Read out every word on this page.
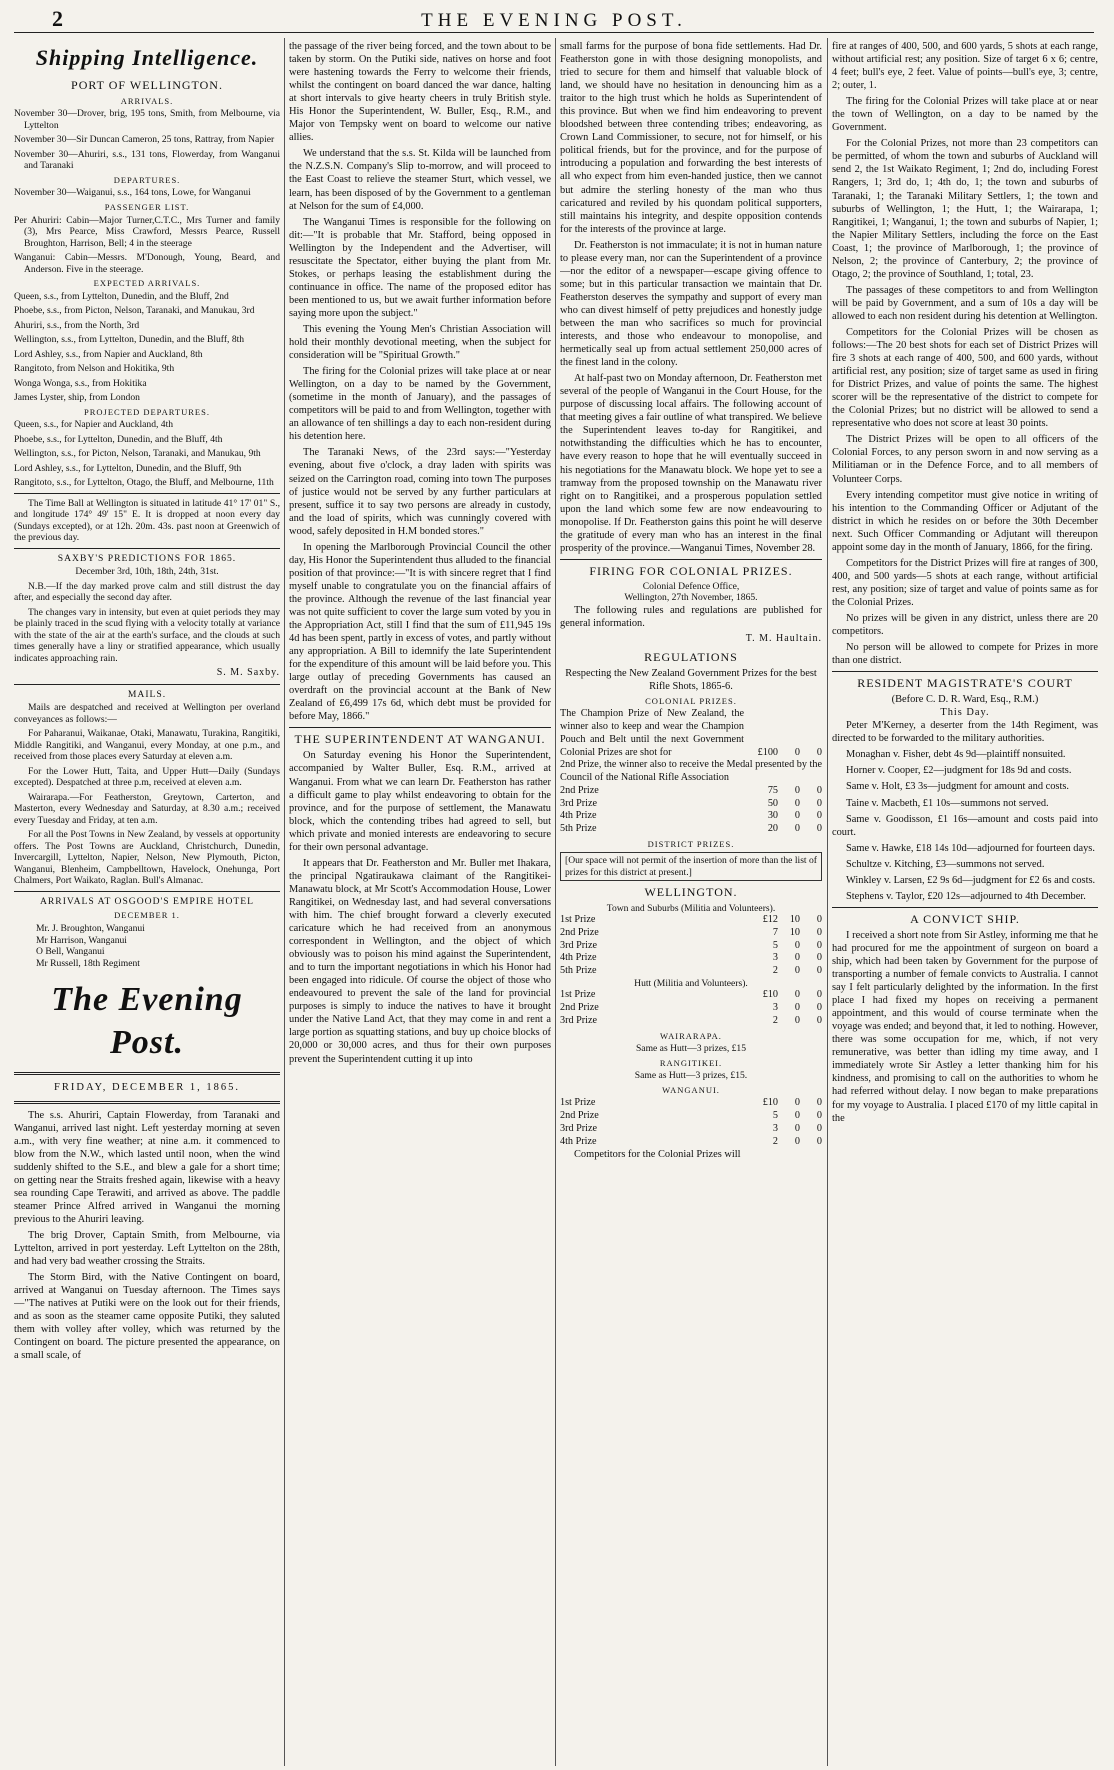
2	THE EVENING POST.
Shipping Intelligence.
PORT OF WELLINGTON.
ARRIVALS.

November 30—Drover, brig, 195 tons, Smith, from Melbourne, via Lyttelton

November 30—Sir Duncan Cameron, 25 tons, Rattray, from Napier

November 30—Ahuriri, s.s., 131 tons, Flowerday, from Wanganui and Taranaki

DEPARTURES.

November 30—Waiganui, s.s., 164 tons, Lowe, for Wanganui

PASSENGER LIST.

Per Ahuriri: Cabin—Major Turner,C.T.C., Mrs Turner and family (3), Mrs Pearce, Miss Crawford, Messrs Pearce, Russell Broughton, Harrison, Bell; 4 in the steerage

Wanganui: Cabin—Messrs. M'Donough, Young, Beard, and Anderson. Five in the steerage.

EXPECTED ARRIVALS.

Queen, s.s., from Lyttelton, Dunedin, and the Bluff, 2nd

Phoebe, s.s., from Picton, Nelson, Taranaki, and Manukau, 3rd

Ahuriri, s.s., from the North, 3rd

Wellington, s.s., from Lyttelton, Dunedin, and the Bluff, 8th

Lord Ashley, s.s., from Napier and Auckland, 8th

Rangitoto, from Nelson and Hokitika, 9th

Wonga Wonga, s.s., from Hokitika

James Lyster, ship, from London

PROJECTED DEPARTURES.

Queen, s.s., for Napier and Auckland, 4th

Phoebe, s.s., for Lyttelton, Dunedin, and the Bluff, 4th

Wellington, s.s., for Picton, Nelson, Taranaki, and Manukau, 9th

Lord Ashley, s.s., for Lyttelton, Dunedin, and the Bluff, 9th

Rangitoto, s.s., for Lyttelton, Otago, the Bluff, and Melbourne, 11th

The Time Ball at Wellington is situated in latitude 41° 17' 01" S., and longitude 174° 49' 15" E. It is dropped at noon every day (Sundays excepted), or at 12h. 20m. 43s. past noon at Greenwich of the previous day.

SAXBY'S PREDICTIONS FOR 1865.

December 3rd, 10th, 18th, 24th, 31st.

N.B.—If the day marked prove calm and still distrust the day after, and especially the second day after.

The changes vary in intensity, but even at quiet periods they may be plainly traced in the scud flying with a velocity totally at variance with the state of the air at the earth's surface, and the clouds at such times generally have a liny or stratified appearance, which usually indicates approaching rain.

S. M. Saxby.
MAILS.

Mails are despatched and received at Wellington per overland conveyances as follows:—

For Paharanui, Waikanae, Otaki, Manawatu, Turakina, Rangitiki, Middle Rangitiki, and Wanganui, every Monday, at one p.m., and received from those places every Saturday at eleven a.m.

For the Lower Hutt, Taita, and Upper Hutt—Daily (Sundays excepted). Despatched at three p.m, received at eleven a.m.

Wairarapa.—For Featherston, Greytown, Carterton, and Masterton, every Wednesday and Saturday, at 8.30 a.m.; received every Tuesday and Friday, at ten a.m.

For all the Post Towns in New Zealand, by vessels at opportunity offers. The Post Towns are Auckland, Christchurch, Dunedin, Invercargill, Lyttelton, Napier, Nelson, New Plymouth, Picton, Wanganui, Blenheim, Campbelltown, Havelock, Onehunga, Port Chalmers, Port Waikato, Raglan. Bull's Almanac.

ARRIVALS AT OSGOOD'S EMPIRE HOTEL
DECEMBER 1.
Mr. J. Broughton, Wanganui
Mr Harrison, Wanganui
O Bell, Wanganui
Mr Russell, 18th Regiment
The Evening Post.
FRIDAY, DECEMBER 1, 1865.

The s.s. Ahuriri, Captain Flowerday, from Taranaki and Wanganui, arrived last night. Left yesterday morning at seven a.m., with very fine weather; at nine a.m. it commenced to blow from the N.W., which lasted until noon, when the wind suddenly shifted to the S.E., and blew a gale for a short time; on getting near the Straits freshed again, likewise with a heavy sea rounding Cape Terawiti, and arrived as above. The paddle steamer Prince Alfred arrived in Wanganui the morning previous to the Ahuriri leaving.

The brig Drover, Captain Smith, from Melbourne, via Lyttelton, arrived in port yesterday. Left Lyttelton on the 28th, and had very bad weather crossing the Straits.

The Storm Bird, with the Native Contingent on board, arrived at Wanganui on Tuesday afternoon. The Times says—"The natives at Putiki were on the look out for their friends, and as soon as the steamer came opposite Putiki, they saluted them with volley after volley, which was returned by the Contingent on board. The picture presented the appearance, on a small scale, of

the passage of the river being forced, and the town about to be taken by storm. On the Putiki side, natives on horse and foot were hastening towards the Ferry to welcome their friends, whilst the contingent on board danced the war dance, halting at short intervals to give hearty cheers in truly British style. His Honor the Superintendent, W. Buller, Esq., R.M., and Major von Tempsky went on board to welcome our native allies.

We understand that the s.s. St. Kilda will be launched from the N.Z.S.N. Company's Slip to-morrow, and will proceed to the East Coast to relieve the steamer Sturt, which vessel, we learn, has been disposed of by the Government to a gentleman at Nelson for the sum of £4,000.

The Wanganui Times is responsible for the following on dit:—"It is probable that Mr. Stafford, being opposed in Wellington by the Independent and the Advertiser, will resuscitate the Spectator, either buying the plant from Mr. Stokes, or perhaps leasing the establishment during the continuance in office. The name of the proposed editor has been mentioned to us, but we await further information before saying more upon the subject."

This evening the Young Men's Christian Association will hold their monthly devotional meeting, when the subject for consideration will be "Spiritual Growth."

The firing for the Colonial prizes will take place at or near Wellington, on a day to be named by the Government, (sometime in the month of January), and the passages of competitors will be paid to and from Wellington, together with an allowance of ten shillings a day to each non-resident during his detention here.

The Taranaki News, of the 23rd says:—"Yesterday evening, about five o'clock, a dray laden with spirits was seized on the Carrington road, coming into town The purposes of justice would not be served by any further particulars at present, suffice it to say two persons are already in custody, and the load of spirits, which was cunningly covered with wood, safely deposited in H.M bonded stores."

In opening the Marlborough Provincial Council the other day, His Honor the Superintendent thus alluded to the financial position of that province:—"It is with sincere regret that I find myself unable to congratulate you on the financial affairs of the province. Although the revenue of the last financial year was not quite sufficient to cover the large sum voted by you in the Appropriation Act, still I find that the sum of £11,945 19s 4d has been spent, partly in excess of votes, and partly without any appropriation. A Bill to idemnify the late Superintendent for the expenditure of this amount will be laid before you. This large outlay of preceding Governments has caused an overdraft on the provincial account at the Bank of New Zealand of £6,499 17s 6d, which debt must be provided for before May, 1866."

THE SUPERINTENDENT AT WANGANUI.

On Saturday evening his Honor the Superintendent, accompanied by Walter Buller, Esq. R.M., arrived at Wanganui. From what we can learn Dr. Featherston has rather a difficult game to play whilst endeavoring to obtain for the province, and for the purpose of settlement, the Manawatu block, which the contending tribes had agreed to sell, but which private and monied interests are endeavoring to secure for their own personal advantage.

It appears that Dr. Featherston and Mr. Buller met Ihakara, the principal Ngatiraukawa claimant of the Rangitikei-Manawatu block, at Mr Scott's Accommodation House, Lower Rangitikei, on Wednesday last, and had several conversations with him. The chief brought forward a cleverly executed caricature which he had received from an anonymous correspondent in Wellington, and the object of which obviously was to poison his mind against the Superintendent, and to turn the important negotiations in which his Honor had been engaged into ridicule. Of course the object of those who endeavoured to prevent the sale of the land for provincial purposes is simply to induce the natives to have it brought under the Native Land Act, that they may come in and rent a large portion as squatting stations, and buy up choice blocks of 20,000 or 30,000 acres, and thus for their own purposes prevent the Superintendent cutting it up into

small farms for the purpose of bona fide settlements. Had Dr. Featherston gone in with those designing monopolists, and tried to secure for them and himself that valuable block of land, we should have no hesitation in denouncing him as a traitor to the high trust which he holds as Superintendent of this province. But when we find him endeavoring to prevent bloodshed between three contending tribes; endeavoring, as Crown Land Commissioner, to secure, not for himself, or his political friends, but for the province, and for the purpose of introducing a population and forwarding the best interests of all who expect from him even-handed justice, then we cannot but admire the sterling honesty of the man who thus caricatured and reviled by his quondam political supporters, still maintains his integrity, and despite opposition contends for the interests of the province at large.

Dr. Featherston is not immaculate; it is not in human nature to please every man, nor can the Superintendent of a province—nor the editor of a newspaper—escape giving offence to some; but in this particular transaction we maintain that Dr. Featherston deserves the sympathy and support of every man who can divest himself of petty prejudices and honestly judge between the man who sacrifices so much for provincial interests, and those who endeavour to monopolise, and hermetically seal up from actual settlement 250,000 acres of the finest land in the colony.

At half-past two on Monday afternoon, Dr. Featherston met several of the people of Wanganui in the Court House, for the purpose of discussing local affairs. The following account of that meeting gives a fair outline of what transpired. We believe the Superintendent leaves to-day for Rangitikei, and notwithstanding the difficulties which he has to encounter, have every reason to hope that he will eventually succeed in his negotiations for the Manawatu block. We hope yet to see a tramway from the proposed township on the Manawatu river right on to Rangitikei, and a prosperous population settled upon the land which some few are now endeavouring to monopolise. If Dr. Featherston gains this point he will deserve the gratitude of every man who has an interest in the final prosperity of the province.—Wanganui Times, November 28.

FIRING FOR COLONIAL PRIZES.
Colonial Defence Office,
Wellington, 27th November, 1865.

The following rules and regulations are published for general information.

T. M. Haultain.
REGULATIONS

Respecting the New Zealand Government Prizes for the best Rifle Shots, 1865-6.

COLONIAL PRIZES.
The Champion Prize of New Zealand, the winner also to keep and wear the Champion Pouch and Belt until the next Government Colonial Prizes are shot for	£100	0	0
2nd Prize, the winner also to receive the Medal presented by the Council of the National Rifle Association			
2nd Prize	75	0	0
3rd Prize	50	0	0
4th Prize	30	0	0
5th Prize	20	0	0
DISTRICT PRIZES.
[Our space will not permit of the insertion of more than the list of prizes for this district at present.]
WELLINGTON.
Town and Suburbs (Militia and Volunteers).
1st Prize	£12	10	0
2nd Prize	7	10	0
3rd Prize	5	0	0
4th Prize	3	0	0
5th Prize	2	0	0
Hutt (Militia and Volunteers).
1st Prize	£10	0	0
2nd Prize	3	0	0
3rd Prize	2	0	0
WAIRARAPA.
Same as Hutt—3 prizes, £15
RANGITIKEI.
Same as Hutt—3 prizes, £15.
WANGANUI.
1st Prize	£10	0	0
2nd Prize	5	0	0
3rd Prize	3	0	0
4th Prize	2	0	0

Competitors for the Colonial Prizes will

fire at ranges of 400, 500, and 600 yards, 5 shots at each range, without artificial rest; any position. Size of target 6 x 6; centre, 4 feet; bull's eye, 2 feet. Value of points—bull's eye, 3; centre, 2; outer, 1.

The firing for the Colonial Prizes will take place at or near the town of Wellington, on a day to be named by the Government.

For the Colonial Prizes, not more than 23 competitors can be permitted, of whom the town and suburbs of Auckland will send 2, the 1st Waikato Regiment, 1; 2nd do, including Forest Rangers, 1; 3rd do, 1; 4th do, 1; the town and suburbs of Taranaki, 1; the Taranaki Military Settlers, 1; the town and suburbs of Wellington, 1; the Hutt, 1; the Wairarapa, 1; Rangitikei, 1; Wanganui, 1; the town and suburbs of Napier, 1; the Napier Military Settlers, including the force on the East Coast, 1; the province of Marlborough, 1; the province of Nelson, 2; the province of Canterbury, 2; the province of Otago, 2; the province of Southland, 1; total, 23.

The passages of these competitors to and from Wellington will be paid by Government, and a sum of 10s a day will be allowed to each non resident during his detention at Wellington.

Competitors for the Colonial Prizes will be chosen as follows:—The 20 best shots for each set of District Prizes will fire 3 shots at each range of 400, 500, and 600 yards, without artificial rest, any position; size of target same as used in firing for District Prizes, and value of points the same. The highest scorer will be the representative of the district to compete for the Colonial Prizes; but no district will be allowed to send a representative who does not score at least 30 points.

The District Prizes will be open to all officers of the Colonial Forces, to any person sworn in and now serving as a Militiaman or in the Defence Force, and to all members of Volunteer Corps.

Every intending competitor must give notice in writing of his intention to the Commanding Officer or Adjutant of the district in which he resides on or before the 30th December next. Such Officer Commanding or Adjutant will thereupon appoint some day in the month of January, 1866, for the firing.

Competitors for the District Prizes will fire at ranges of 300, 400, and 500 yards—5 shots at each range, without artificial rest, any position; size of target and value of points same as for the Colonial Prizes.

No prizes will be given in any district, unless there are 20 competitors.

No person will be allowed to compete for Prizes in more than one district.

RESIDENT MAGISTRATE'S COURT
(Before C. D. R. Ward, Esq., R.M.)
This Day.

Peter M'Kerney, a deserter from the 14th Regiment, was directed to be forwarded to the military authorities.

Monaghan v. Fisher, debt 4s 9d—plaintiff nonsuited.

Horner v. Cooper, £2—judgment for 18s 9d and costs.

Same v. Holt, £3 3s—judgment for amount and costs.

Taine v. Macbeth, £1 10s—summons not served.

Same v. Goodisson, £1 16s—amount and costs paid into court.

Same v. Hawke, £18 14s 10d—adjourned for fourteen days.

Schultze v. Kitching, £3—summons not served.

Winkley v. Larsen, £2 9s 6d—judgment for £2 6s and costs.

Stephens v. Taylor, £20 12s—adjourned to 4th December.

A CONVICT SHIP.

I received a short note from Sir Astley, informing me that he had procured for me the appointment of surgeon on board a ship, which had been taken by Government for the purpose of transporting a number of female convicts to Australia. I cannot say I felt particularly delighted by the information. In the first place I had fixed my hopes on receiving a permanent appointment, and this would of course terminate when the voyage was ended; and beyond that, it led to nothing. However, there was some occupation for me, which, if not very remunerative, was better than idling my time away, and I immediately wrote Sir Astley a letter thanking him for his kindness, and promising to call on the authorities to whom he had referred without delay. I now began to make preparations for my voyage to Australia. I placed £170 of my little capital in the
